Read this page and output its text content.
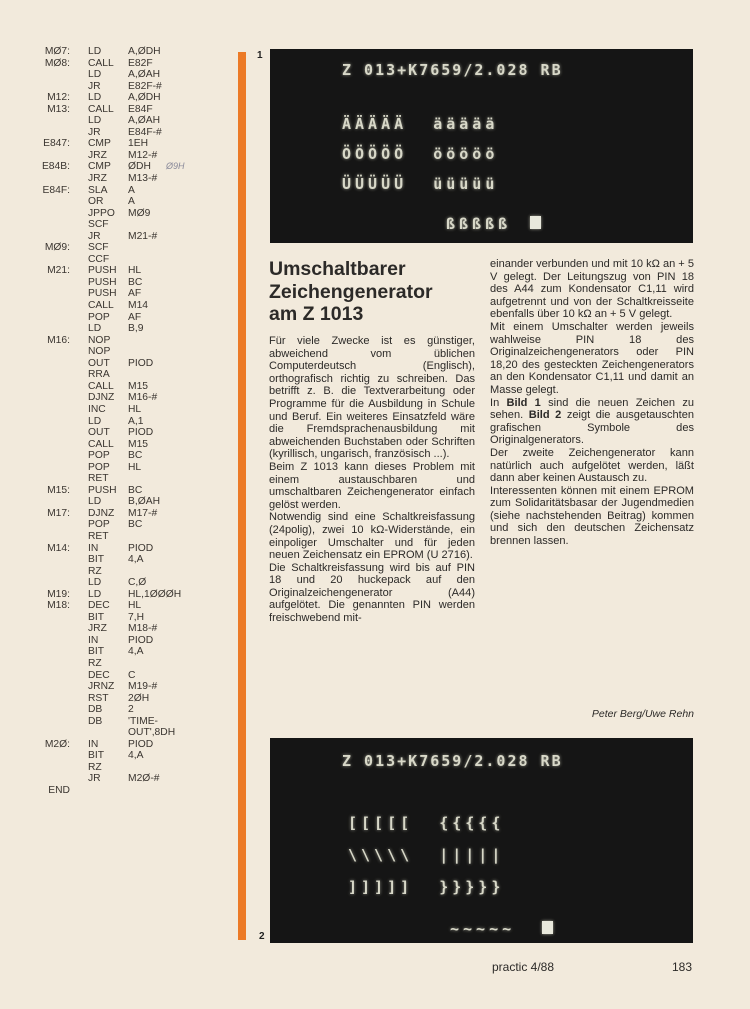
MØ7: LD	A,ØDH
MØ8: CALL E82F
LD	A,ØAH
JR	E82F-#
M12: LD	A,ØDH
M13: CALL E84F
LD	A,ØAH
JR	E84F-#
E847: CMP 1EH
JRZ M12-#
E84B: CMP ØDH Ø9H
JRZ M13-#
E84F: SLA A
OR A
JPPO MØ9
SCF
JR	M21-#
MØ9: SCF
CCF
M21: PUSH HL
PUSH BC
PUSH AF
CALL M14
POP AF
LD	B,9
M16: NOP
NOP
OUT PIOD
RRA
CALL M15
DJNZ M16-#
INC HL
LD	A,1
OUT PIOD
CALL M15
POP BC
POP HL
RET
M15: PUSH BC
LD	B,ØAH
M17: DJNZ M17-#
POP BC
RET
M14: IN	PIOD
BIT 4,A
RZ
LD	C,Ø
M19: LD	HL,1ØØØH
M18: DEC HL
BIT 7,H
JRZ M18-#
IN	PIOD
BIT 4,A
RZ
DEC C
JRNZ M19-#
RST 2ØH
DB 2
DB 'TIME-
OUT',8DH
M2Ø: IN	PIOD
BIT 4,A
RZ
JR	M2Ø-#
END
1
Z 013+K7659/2.028 RB
ÄÄÄÄÄ  äääää
ÖÖÖÖÖ  ööööö
ÜÜÜÜÜ  üüüüü
ßßßßß
Umschaltbarer
Zeichengenerator
am Z 1013

Für viele Zwecke ist es günstiger, abweichend vom üblichen Computerdeutsch (Englisch), orthografisch richtig zu schreiben. Das betrifft z. B. die Textverarbeitung oder Programme für die Ausbildung in Schule und Beruf. Ein weiteres Einsatzfeld wäre die Fremdsprachenausbildung mit abweichenden Buchstaben oder Schriften (kyrillisch, ungarisch, französisch ...).

Beim Z 1013 kann dieses Problem mit einem austauschbaren und umschaltbaren Zeichengenerator einfach gelöst werden.

Notwendig sind eine Schaltkreisfassung (24polig), zwei 10 kΩ-Widerstände, ein einpoliger Umschalter und für jeden neuen Zeichensatz ein EPROM (U 2716).

Die Schaltkreisfassung wird bis auf PIN 18 und 20 huckepack auf den Originalzeichengenerator (A44) aufgelötet. Die genannten PIN werden freischwebend mit-

einander verbunden und mit 10 kΩ an + 5 V gelegt. Der Leitungszug von PIN 18 des A44 zum Kondensator C1,11 wird aufgetrennt und von der Schaltkreisseite ebenfalls über 10 kΩ an + 5 V gelegt.

Mit einem Umschalter werden jeweils wahlweise PIN 18 des Originalzeichengenerators oder PIN 18,20 des gesteckten Zeichengenerators an den Kondensator C1,11 und damit an Masse gelegt.

In Bild 1 sind die neuen Zeichen zu sehen. Bild 2 zeigt die ausgetauschten grafischen Symbole des Originalgenerators.

Der zweite Zeichengenerator kann natürlich auch aufgelötet werden, läßt dann aber keinen Austausch zu.

Interessenten können mit einem EPROM zum Solidaritätsbasar der Jugendmedien (siehe nachstehenden Beitrag) kommen und sich den deutschen Zeichensatz brennen lassen.

Peter Berg/Uwe Rehn
2
Z 013+K7659/2.028 RB
[[[[[  {{{{{
\\\\\  |||||
]]]]]  }}}}}
~~~~~
practic 4/88	183
